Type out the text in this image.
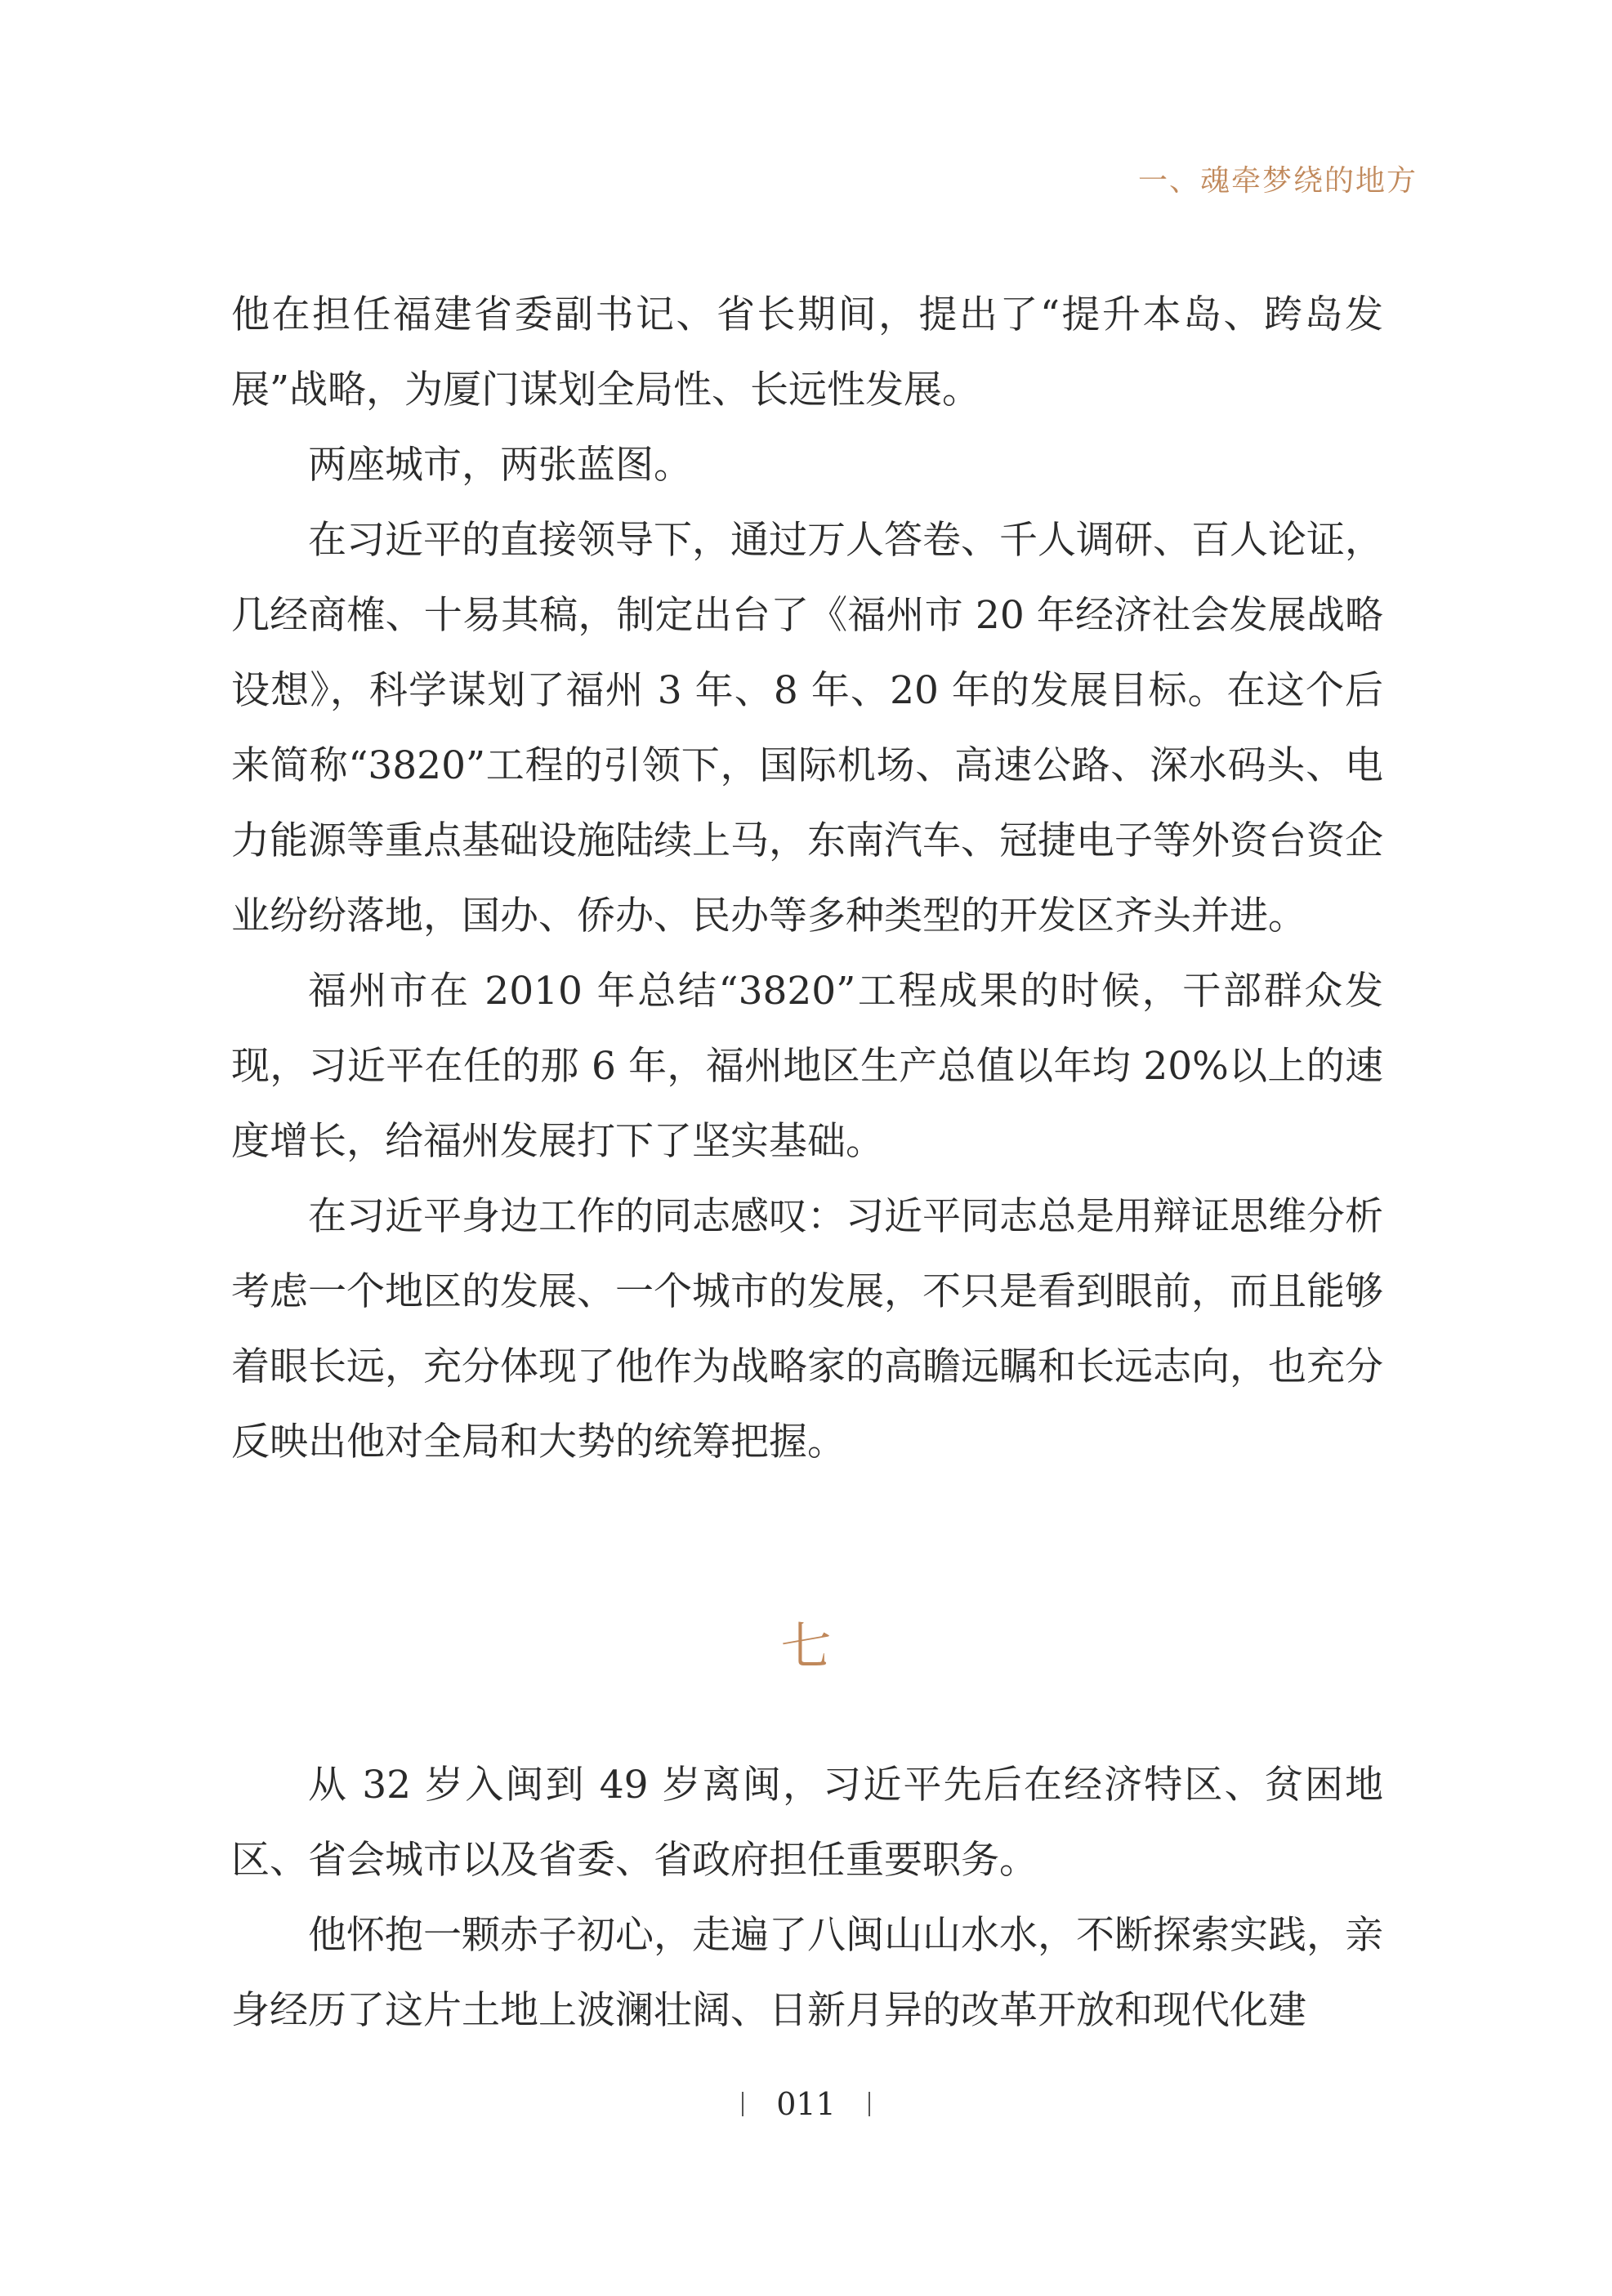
一、魂牵梦绕的地方

他在担任福建省委副书记、省长期间，提出了“提升本岛、跨岛发展”战略，为厦门谋划全局性、长远性发展。

两座城市，两张蓝图。

在习近平的直接领导下，通过万人答卷、千人调研、百人论证，几经商榷、十易其稿，制定出台了《福州市 20 年经济社会发展战略设想》，科学谋划了福州 3 年、8 年、20 年的发展目标。在这个后来简称“3820”工程的引领下，国际机场、高速公路、深水码头、电力能源等重点基础设施陆续上马，东南汽车、冠捷电子等外资台资企业纷纷落地，国办、侨办、民办等多种类型的开发区齐头并进。

福州市在 2010 年总结“3820”工程成果的时候，干部群众发现，习近平在任的那 6 年，福州地区生产总值以年均 20%以上的速度增长，给福州发展打下了坚实基础。

在习近平身边工作的同志感叹：习近平同志总是用辩证思维分析考虑一个地区的发展、一个城市的发展，不只是看到眼前，而且能够着眼长远，充分体现了他作为战略家的高瞻远瞩和长远志向，也充分反映出他对全局和大势的统筹把握。

七

从 32 岁入闽到 49 岁离闽，习近平先后在经济特区、贫困地区、省会城市以及省委、省政府担任重要职务。

他怀抱一颗赤子初心，走遍了八闽山山水水，不断探索实践，亲身经历了这片土地上波澜壮阔、日新月异的改革开放和现代化建

011
